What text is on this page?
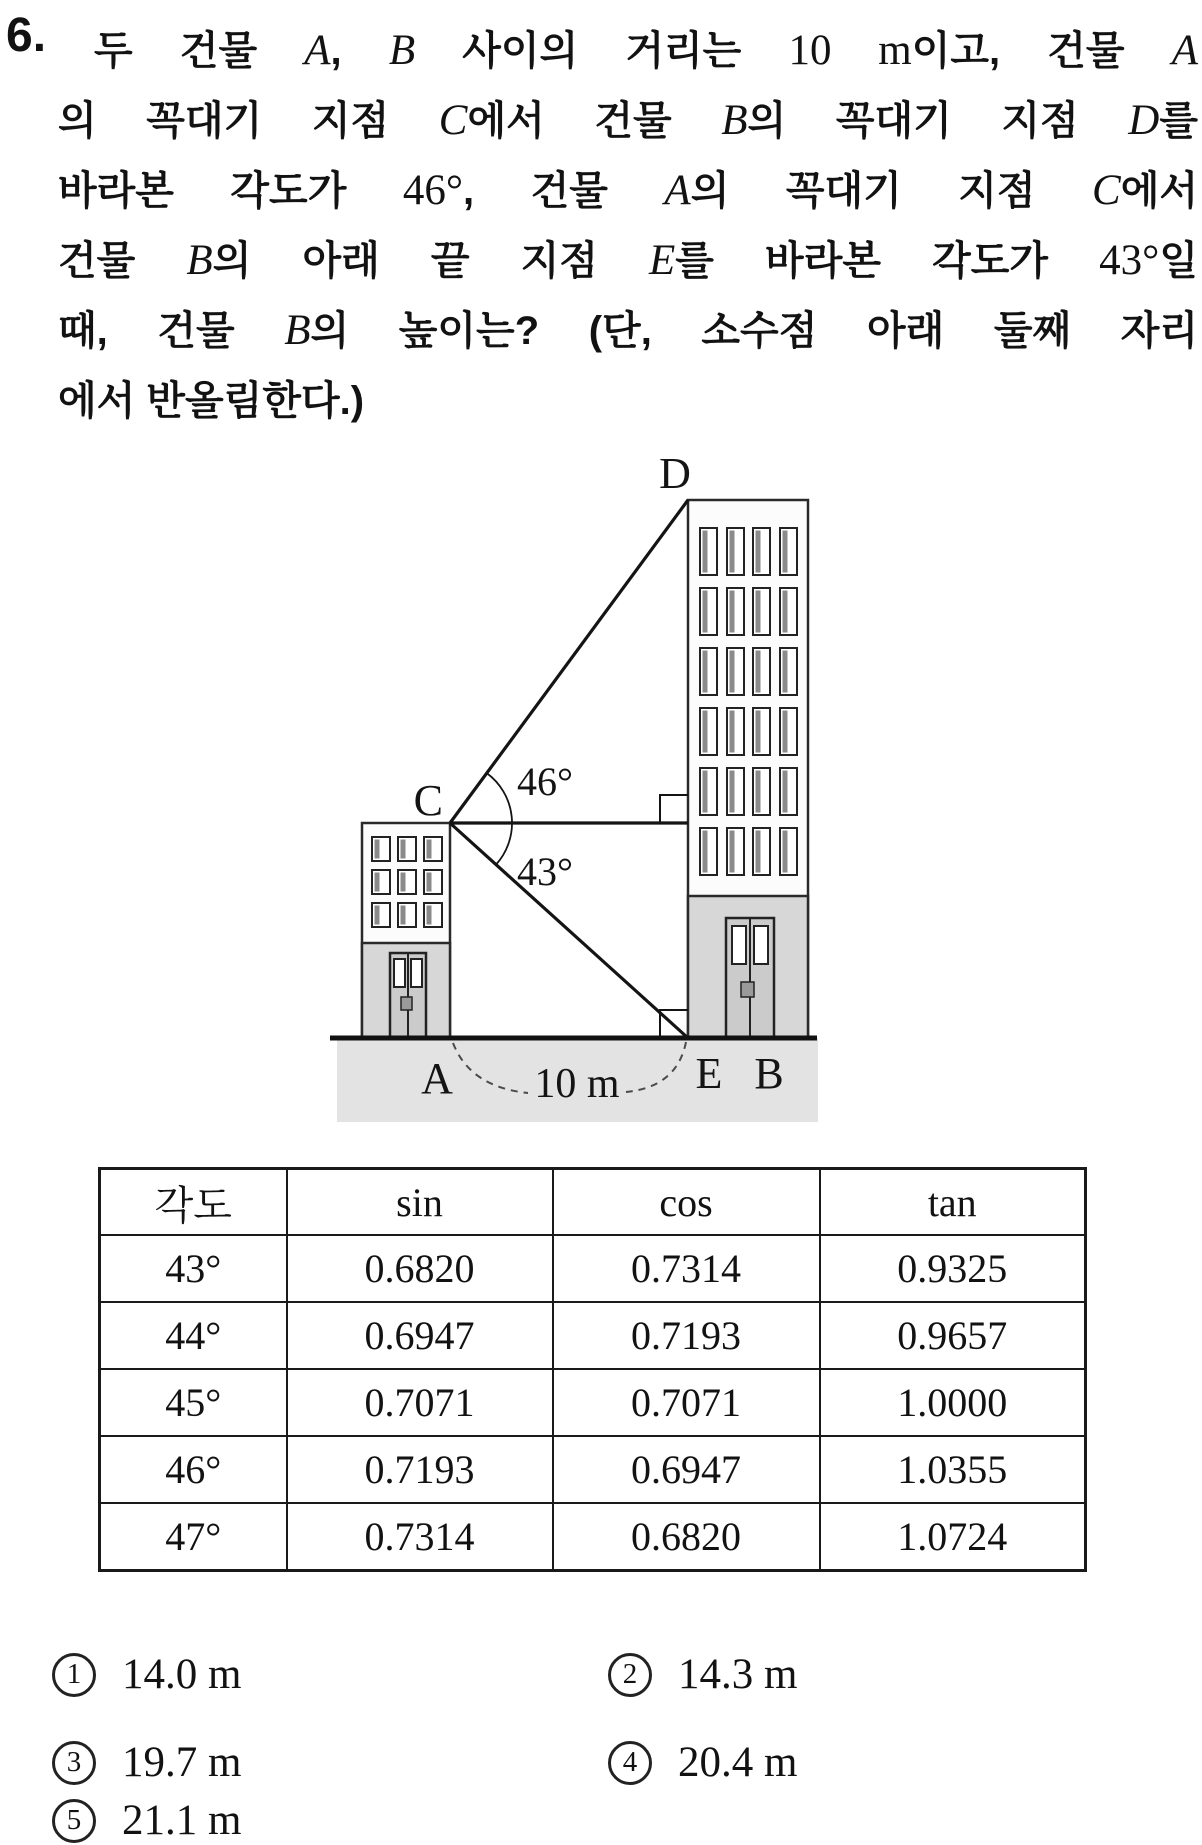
6.	두 건물 A, B 사이의 거리는 10 m이고, 건물 A
의 꼭대기 지점 C에서 건물 B의 꼭대기 지점 D를
바라본 각도가 46°, 건물 A의 꼭대기 지점 C에서
건물 B의 아래 끝 지점 E를 바라본 각도가 43°일
때, 건물 B의 높이는? (단, 소수점 아래 둘째 자리
에서 반올림한다.)
D
C 46°
43°
A	E B
10 m
각도	sin	cos	tan
43°	0.6820	0.7314	0.9325
44°	0.6947	0.7193	0.9657
45°	0.7071	0.7071	1.0000
46°	0.7193	0.6947	1.0355
47°	0.7314	0.6820	1.0724
1 14.0 m	2 14.3 m
3 19.7 m	4 20.4 m
5 21.1 m
